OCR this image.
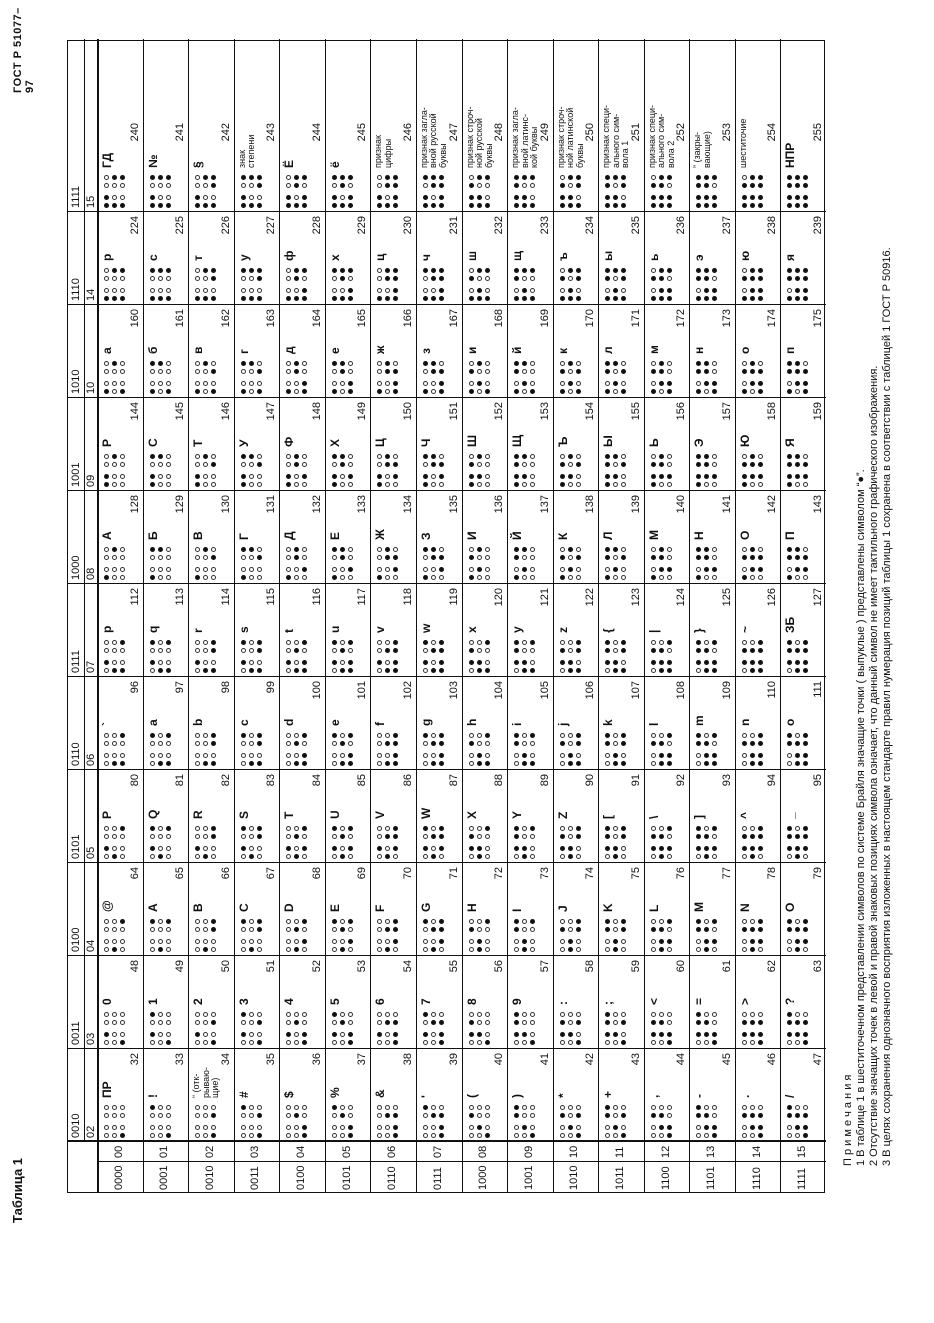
ГОСТ Р 51077–97
Таблица 1
0010 02
0011 03
0100 04
0101 05
0110 06
0111 07
1000 08
1001 09
1010 10
1110 14
1111 15
0000
00
0001
01
0010
02
0011
03
0100
04
0101
05
0110
06
0111
07
1000
08
1001
09
1010
10
1011
11
1100
12
1101
13
1110
14
1111
15
ПР
32
0
48
@
64
P
80
`
96
p
112
А
128
Р
144
а
160
р
224
ГД
240
!
33
1
49
A
65
Q
81
a
97
q
113
Б
129
С
145
б
161
с
225
№
241
“ (отк-
рываю-
щие)
34
2
50
B
66
R
82
b
98
r
114
В
130
Т
146
в
162
т
226
§
242
#
35
3
51
C
67
S
83
c
99
s
115
Г
131
У
147
г
163
у
227
знак
степени
243
$
36
4
52
D
68
T
84
d
100
t
116
Д
132
Ф
148
д
164
ф
228
Ё
244
%
37
5
53
E
69
U
85
e
101
u
117
Е
133
Х
149
е
165
х
229
ё
245
&
38
6
54
F
70
V
86
f
102
v
118
Ж
134
Ц
150
ж
166
ц
230
признак
цифры
246
'
39
7
55
G
71
W
87
g
103
w
119
З
135
Ч
151
з
167
ч
231
признак загла-
вной русской
буквы
247
(
40
8
56
H
72
X
88
h
104
x
120
И
136
Ш
152
и
168
ш
232
признак строч-
ной русской
буквы
248
)
41
9
57
I
73
Y
89
i
105
y
121
Й
137
Щ
153
й
169
щ
233
признак загла-
вной латинс-
кой буквы 249
*
42
:
58
J
74
Z
90
j
106
z
122
К
138
Ъ
154
к
170
ъ
234
признак строч-
ной латинской
буквы
250
+
43
;
59
K
75
[
91
k
107
{
123
Л
139
Ы
155
л
171
ы
235
признак специ-
ального сим-
вола 1
251
,
44
<
60
L
76
\
92
l
108
|
124
М
140
Ь
156
м
172
ь
236
признак специ-
ального сим-
вола 2
252
-
45
=
61
M
77
]
93
m
109
}
125
Н
141
Э
157
н
173
э
237
” (закры-
вающие) 253
.
46
>
62
N
78
^
94
n
110
~
126
О
142
Ю
158
о
174
ю
238
шеститочие 254
/
47
?
63
O
79
_
95
o
111
ЗБ
127
П
143
Я
159
п
175
я
239
НПР
255
П р и м е ч а н и я 1 В таблице 1 в шеститочечном представлении символов по системе Брайля значащие точки ( выпуклые ) представлены символом “●”. 2 Отсутствие значащих точек в левой и правой знаковых позициях символа означает, что данный символ не имеет тактильного графического изображения. 3 В целях сохранения однозначного восприятия изложенных в настоящем стандарте правил нумерация позиций таблицы 1 сохранена в соответствии с таблицей 1 ГОСТ Р 50916.
